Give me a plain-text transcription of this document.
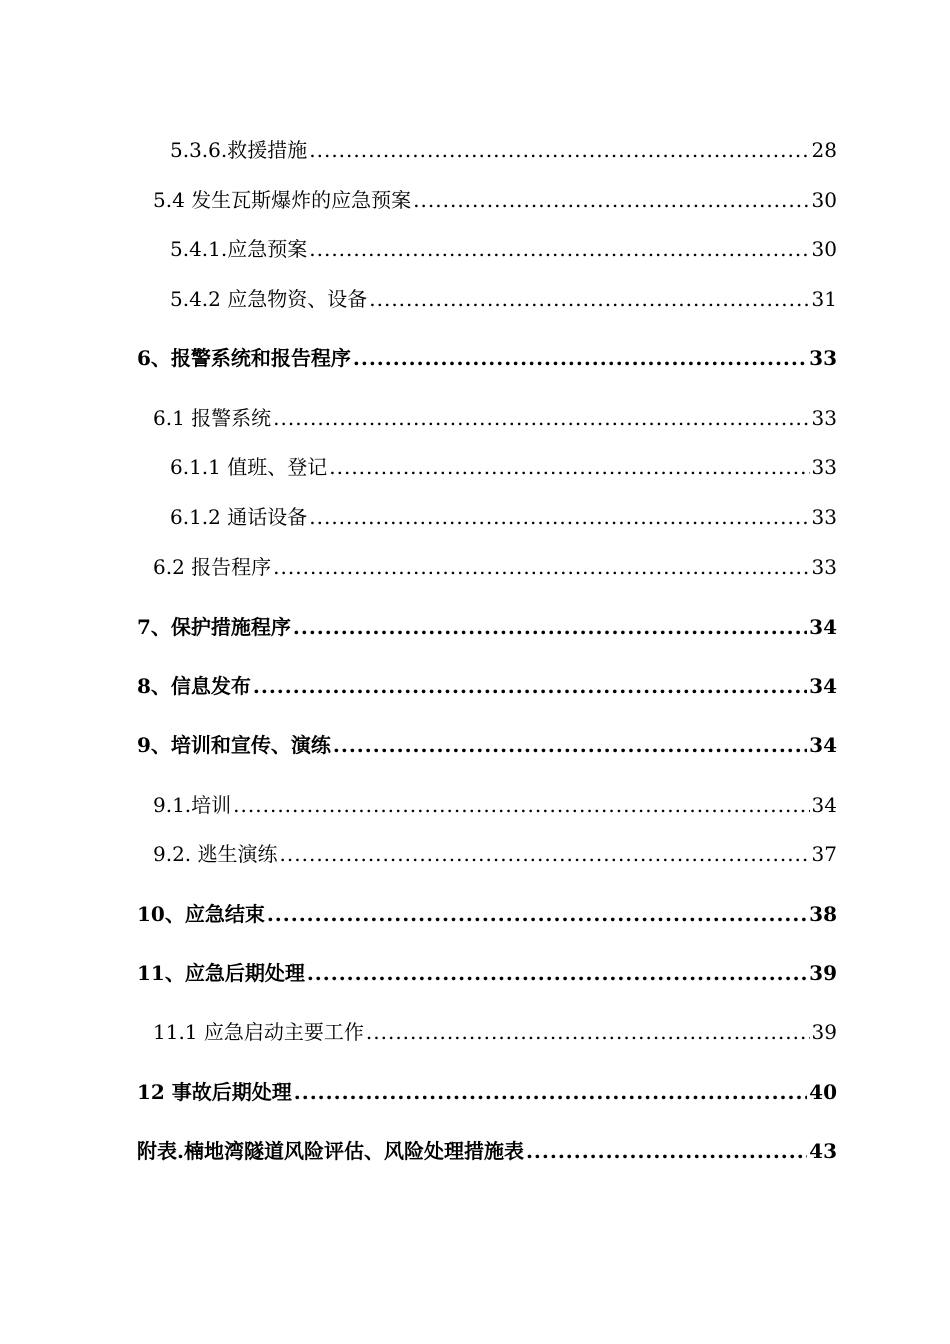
5.3.6.救援措施 .....	28
5.4 发生瓦斯爆炸的应急预案 .....	30
5.4.1.应急预案 .....	30
5.4.2 应急物资、设备 .....	31
6、报警系统和报告程序 .....	33
6.1 报警系统 .....	33
6.1.1 值班、登记 .....	33
6.1.2 通话设备 .....	33
6.2 报告程序 .....	33
7、保护措施程序 .....	34
8、信息发布 .....	34
9、培训和宣传、演练 .....	34
9.1.培训 .....	34
9.2. 逃生演练 .....	37
10、应急结束 .....	38
11、应急后期处理 .....	39
11.1 应急启动主要工作 .....	39
12 事故后期处理 .....	40
附表.楠地湾隧道风险评估、风险处理措施表 .....	43
